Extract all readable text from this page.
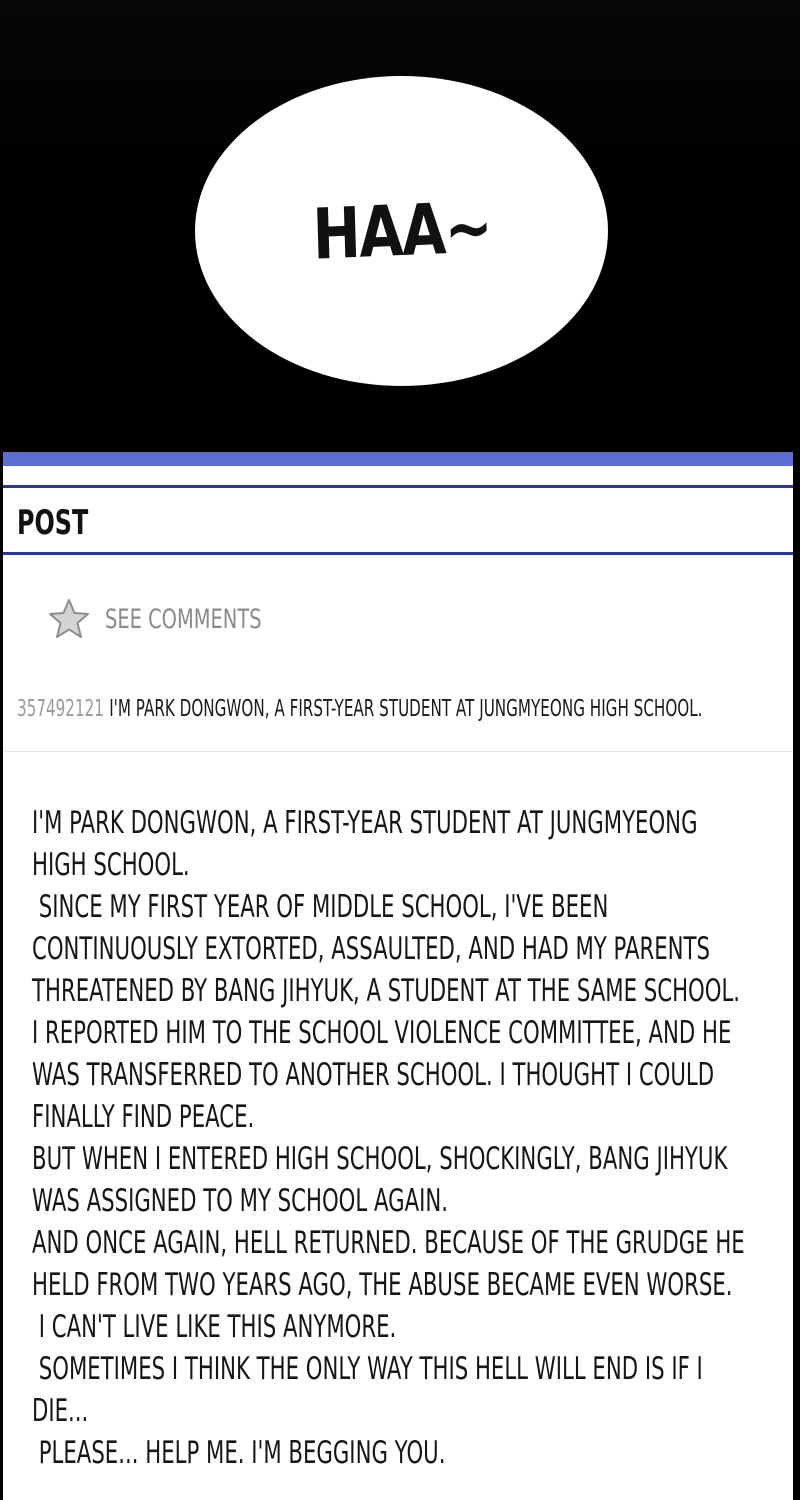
HAA~
POST
SEE COMMENTS
357492121 I'M PARK DONGWON, A FIRST-YEAR STUDENT AT JUNGMYEONG HIGH SCHOOL.

I'M PARK DONGWON, A FIRST-YEAR STUDENT AT JUNGMYEONG

HIGH SCHOOL.

SINCE MY FIRST YEAR OF MIDDLE SCHOOL, I'VE BEEN

CONTINUOUSLY EXTORTED, ASSAULTED, AND HAD MY PARENTS

THREATENED BY BANG JIHYUK, A STUDENT AT THE SAME SCHOOL.

I REPORTED HIM TO THE SCHOOL VIOLENCE COMMITTEE, AND HE

WAS TRANSFERRED TO ANOTHER SCHOOL. I THOUGHT I COULD

FINALLY FIND PEACE.

BUT WHEN I ENTERED HIGH SCHOOL, SHOCKINGLY, BANG JIHYUK

WAS ASSIGNED TO MY SCHOOL AGAIN.

AND ONCE AGAIN, HELL RETURNED. BECAUSE OF THE GRUDGE HE

HELD FROM TWO YEARS AGO, THE ABUSE BECAME EVEN WORSE.

I CAN'T LIVE LIKE THIS ANYMORE.

SOMETIMES I THINK THE ONLY WAY THIS HELL WILL END IS IF I

DIE...

PLEASE... HELP ME. I'M BEGGING YOU.
